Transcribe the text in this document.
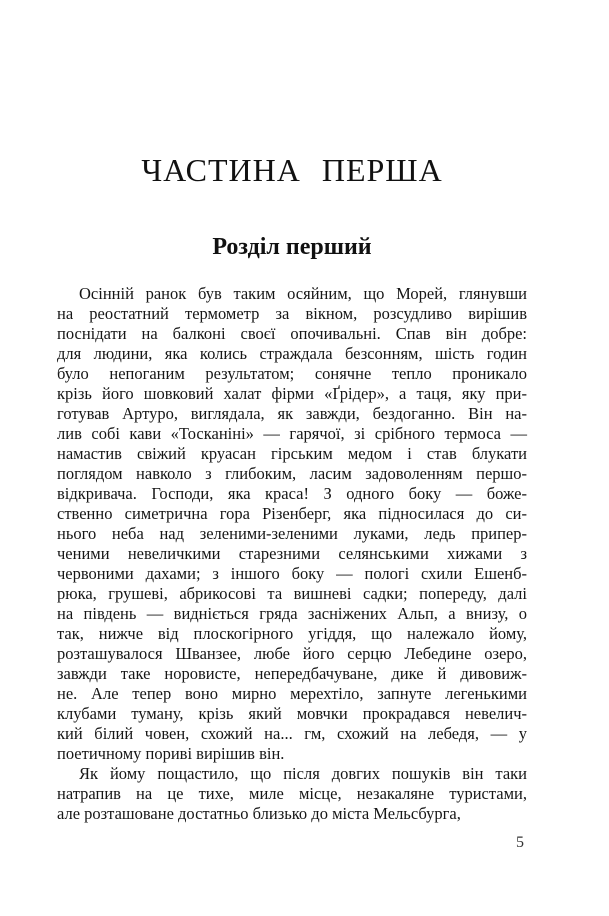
ЧАСТИНА ПЕРША
Розділ перший
Осінній ранок був таким осяйним, що Морей, глянувши
на реостатний термометр за вікном, розсудливо вирішив
поснідати на балконі своєї опочивальні. Спав він добре:
для людини, яка колись страждала безсонням, шість годин
було непоганим результатом; сонячне тепло проникало
крізь його шовковий халат фірми «Ґрідер», а таця, яку при-
готував Артуро, виглядала, як завжди, бездоганно. Він на-
лив собі кави «Тосканіні» — гарячої, зі срібного термоса —
намастив свіжий круасан гірським медом і став блукати
поглядом навколо з глибоким, ласим задоволенням першо-
відкривача. Господи, яка краса! З одного боку — боже-
ственно симетрична гора Різенберг, яка підносилася до си-
нього неба над зеленими-зеленими луками, ледь припер-
ченими невеличкими старезними селянськими хижами з
червоними дахами; з іншого боку — пологі схили Ешенб-
рюка, грушеві, абрикосові та вишневі садки; попереду, далі
на південь — видніється гряда засніжених Альп, а внизу, о
так, нижче від плоскогірного угіддя, що належало йому,
розташувалося Шванзее, любе його серцю Лебедине озеро,
завжди таке норовисте, непередбачуване, дике й дивовиж-
не. Але тепер воно мирно мерехтіло, запнуте легенькими
клубами туману, крізь який мовчки прокрадався невелич-
кий білий човен, схожий на... гм, схожий на лебедя, — у
поетичному пориві вирішив він.
Як йому пощастило, що після довгих пошуків він таки
натрапив на це тихе, миле місце, незакаляне туристами,
але розташоване достатньо близько до міста Мельсбурга,
5
